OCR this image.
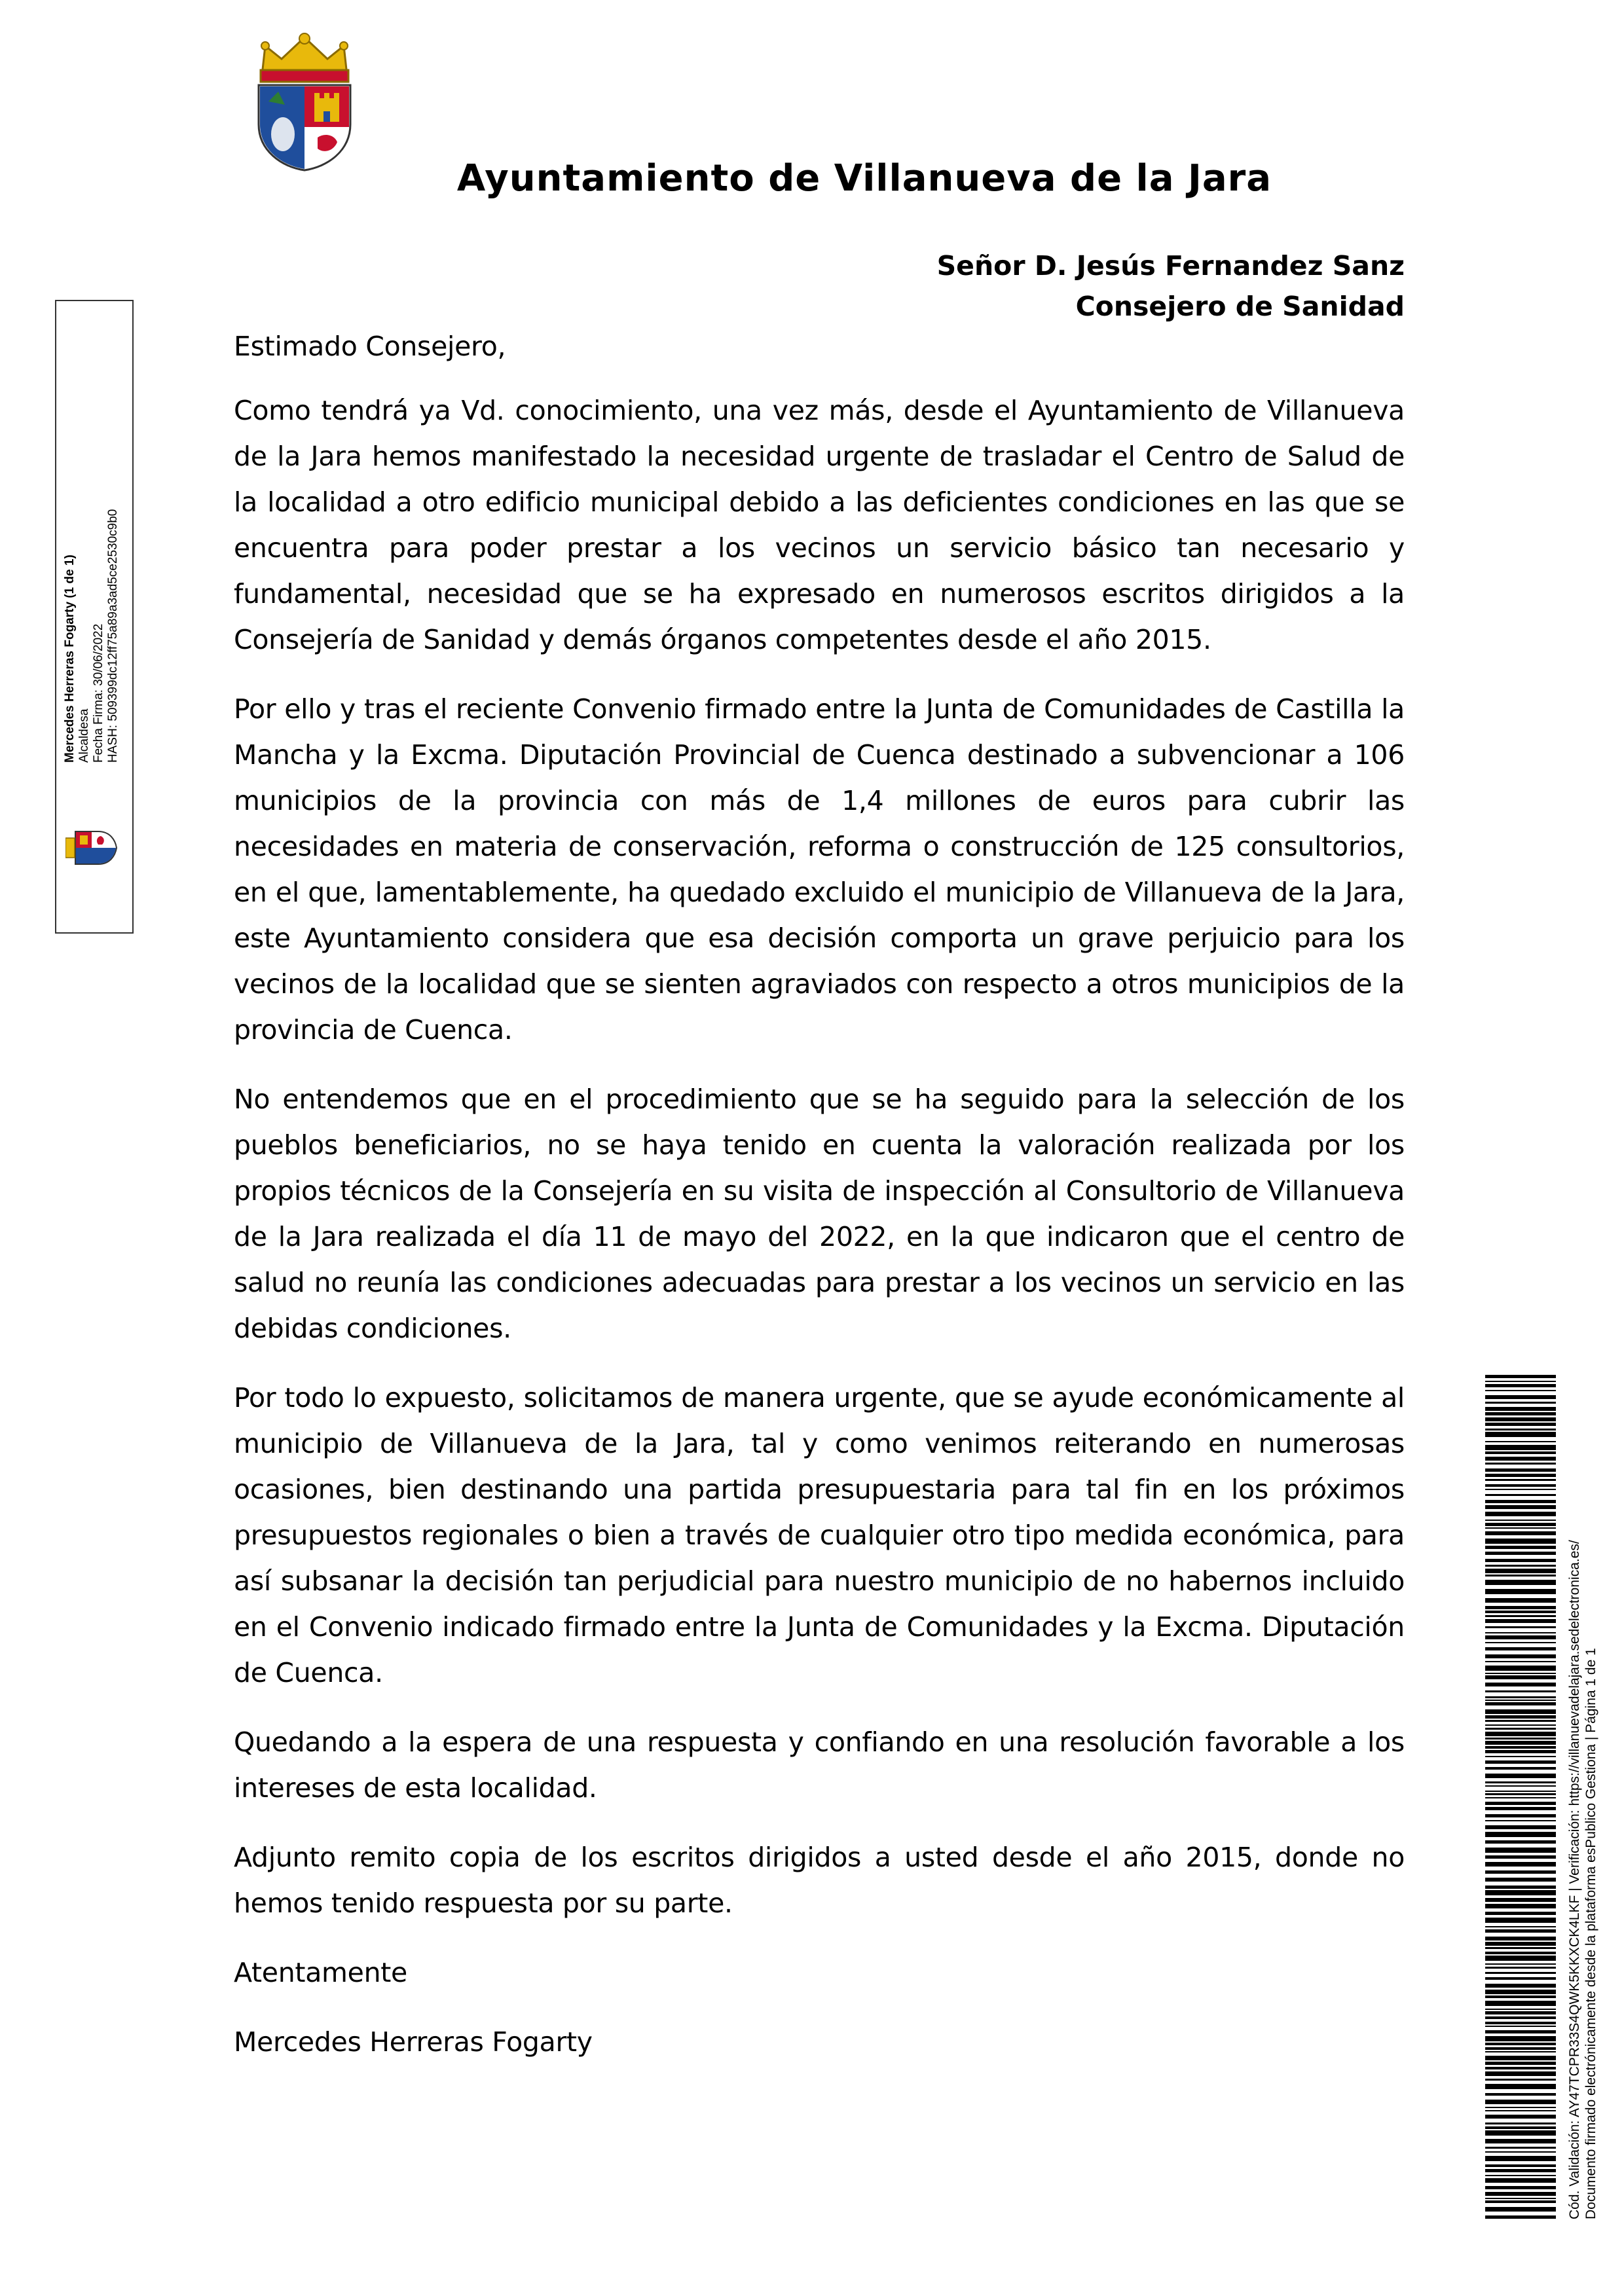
Ayuntamiento de Villanueva de la Jara
Señor D. Jesús Fernandez Sanz
Consejero de Sanidad

Estimado Consejero,

Como tendrá ya Vd. conocimiento, una vez más, desde el Ayuntamiento de Villanueva de la Jara hemos manifestado la necesidad urgente de trasladar el Centro de Salud de la localidad a otro edificio municipal debido a las deficientes condiciones en las que se encuentra para poder prestar a los vecinos un servicio básico tan necesario y fundamental, necesidad que se ha expresado en numerosos escritos dirigidos a la Consejería de Sanidad y demás órganos competentes desde el año 2015.

Por ello y tras el reciente Convenio firmado entre la Junta de Comunidades de Castilla la Mancha y la Excma. Diputación Provincial de Cuenca destinado a subvencionar a 106 municipios de la provincia con más de 1,4 millones de euros para cubrir las necesidades en materia de conservación, reforma o construcción de 125 consultorios, en el que, lamentablemente, ha quedado excluido el municipio de Villanueva de la Jara, este Ayuntamiento considera que esa decisión comporta un grave perjuicio para los vecinos de la localidad que se sienten agraviados con respecto a otros municipios de la provincia de Cuenca.

No entendemos que en el procedimiento que se ha seguido para la selección de los pueblos beneficiarios, no se haya tenido en cuenta la valoración realizada por los propios técnicos de la Consejería en su visita de inspección al Consultorio de Villanueva de la Jara realizada el día 11 de mayo del 2022, en la que indicaron que el centro de salud no reunía las condiciones adecuadas para prestar a los vecinos un servicio en las debidas condiciones.

Por todo lo expuesto, solicitamos de manera urgente, que se ayude económicamente al municipio de Villanueva de la Jara, tal y como venimos reiterando en numerosas ocasiones, bien destinando una partida presupuestaria para tal fin en los próximos presupuestos regionales o bien a través de cualquier otro tipo medida económica, para así subsanar la decisión tan perjudicial para nuestro municipio de no habernos incluido en el Convenio indicado firmado entre la Junta de Comunidades y la Excma. Diputación de Cuenca.

Quedando a la espera de una respuesta y confiando en una resolución favorable a los intereses de esta localidad.

Adjunto remito copia de los escritos dirigidos a usted desde el año 2015, donde no hemos tenido respuesta por su parte.

Atentamente

Mercedes Herreras Fogarty

Mercedes Herreras Fogarty (1 de 1) Alcaldesa Fecha Firma: 30/06/2022 HASH: 509399dc12ff75a89a3ad5ce2530c9b0
Cód. Validación: AY47TCPR33S4QWK5KKXCK4LKF | Verificación: https://villanuevadelajara.sedelectronica.es/ Documento firmado electrónicamente desde la plataforma esPublico Gestiona | Página 1 de 1
